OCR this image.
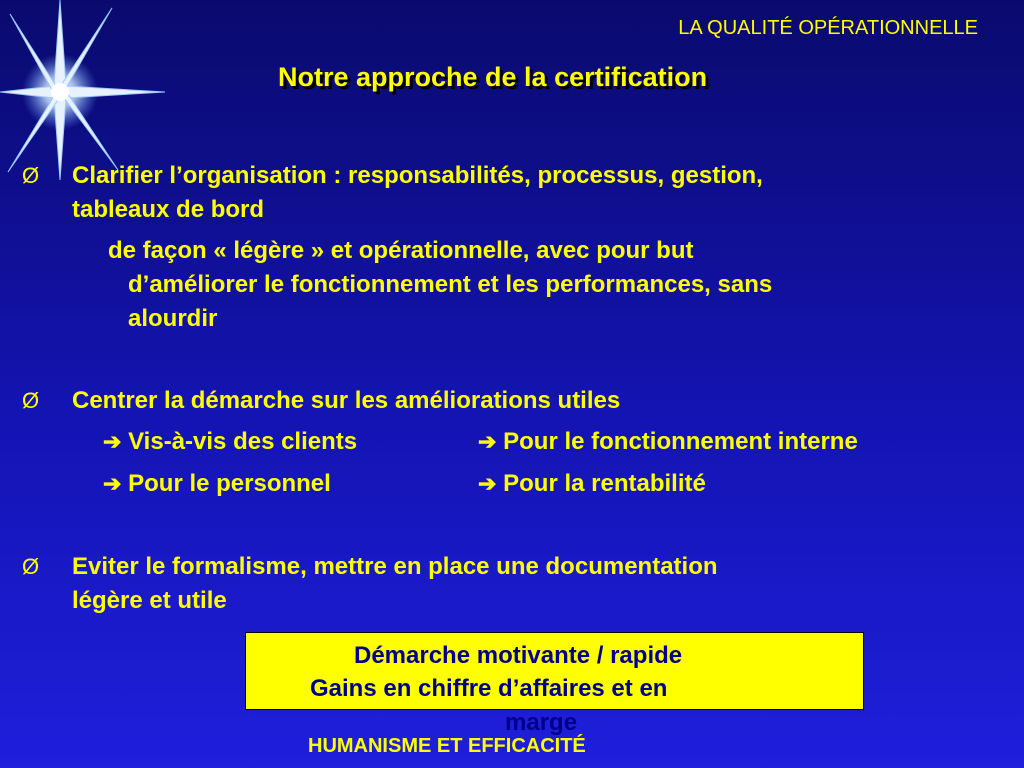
LA QUALITÉ OPÉRATIONNELLE
Notre approche de la certification
Ø Clarifier l’organisation : responsabilités, processus, gestion,
tableaux de bord
de façon « légère » et opérationnelle, avec pour but
d’améliorer le fonctionnement et les performances, sans
alourdir
Ø Centrer la démarche sur les améliorations utiles
➔ Vis-à-vis des clients	➔ Pour le fonctionnement interne
➔ Pour le personnel	➔ Pour la rentabilité
Ø Eviter le formalisme, mettre en place une documentation
légère et utile
Démarche motivante / rapide
Gains en chiffre d’affaires et en
marge
HUMANISME ET EFFICACITÉ
